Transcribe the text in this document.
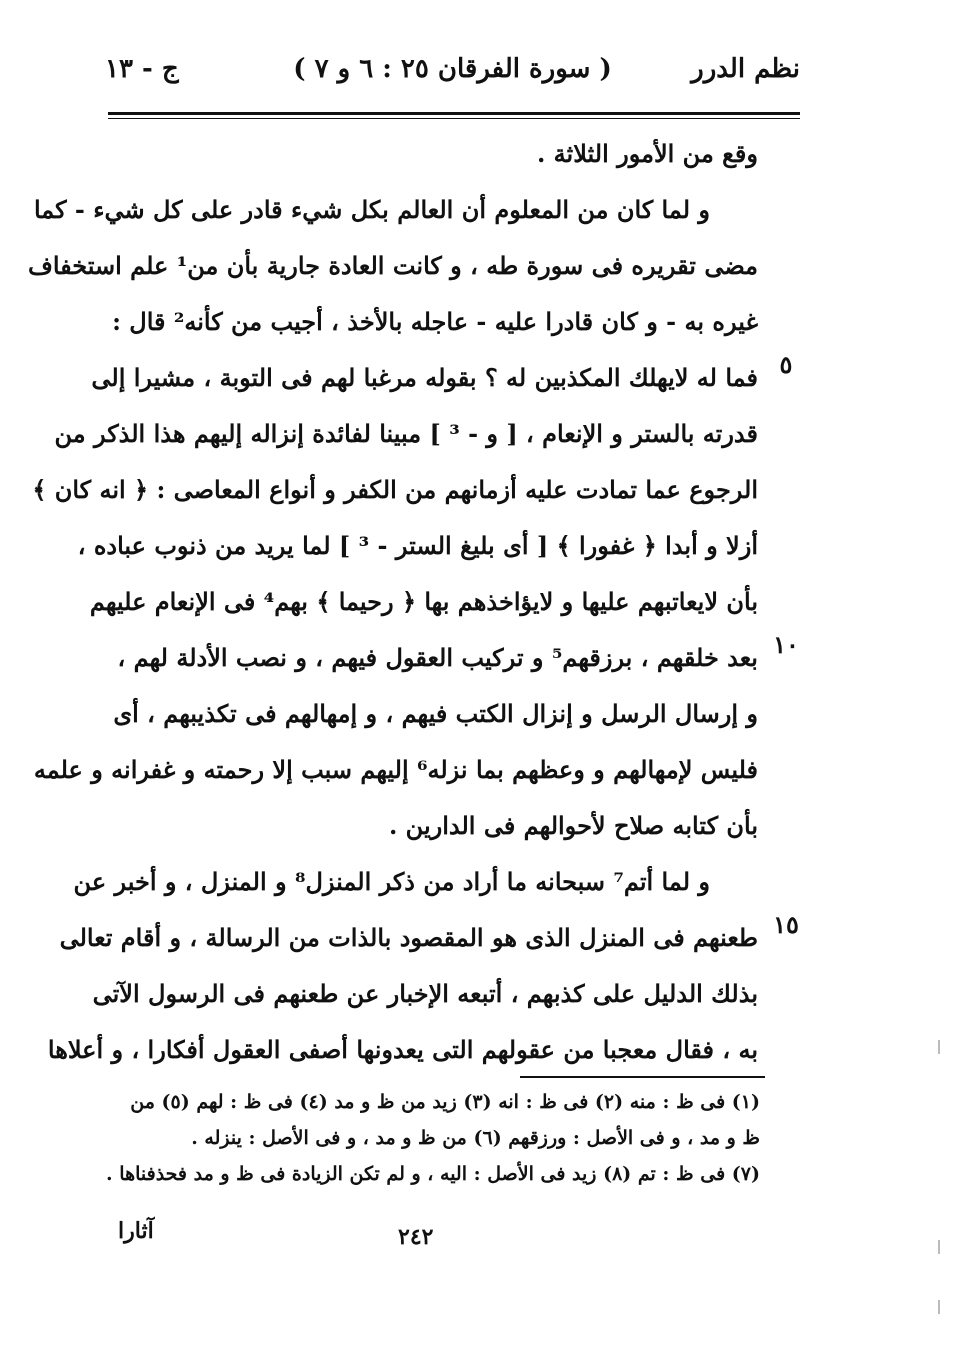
نظم الدرر
( سورة الفرقان ٢٥ : ٦ و ٧ )
ج - ١٣
وقع من الأمور الثلاثة .
و لما كان من المعلوم أن العالم بكل شيء قادر على كل شيء - كما
مضى تقريره فى سورة طه ، و كانت العادة جارية بأن من¹ علم استخفاف
غيره به - و كان قادرا عليه - عاجله بالأخذ ، أجيب من كأنه² قال :
فما له لايهلك المكذبين له ؟ بقوله مرغبا لهم فى التوبة ، مشيرا إلى
قدرته بالستر و الإنعام ، [ و - ³ ] مبينا لفائدة إنزاله إليهم هذا الذكر من
الرجوع عما تمادت عليه أزمانهم من الكفر و أنواع المعاصى : ﴿ انه كان ﴾
أزلا و أبدا ﴿ غفورا ﴾ [ أى بليغ الستر - ³ ] لما يريد من ذنوب عباده ،
بأن لايعاتبهم عليها و لايؤاخذهم بها ﴿ رحيما ﴾ بهم⁴ فى الإنعام عليهم
بعد خلقهم ، برزقهم⁵ و تركيب العقول فيهم ، و نصب الأدلة لهم ،
و إرسال الرسل و إنزال الكتب فيهم ، و إمهالهم فى تكذيبهم ، أى
فليس لإمهالهم و وعظهم بما نزله⁶ إليهم سبب إلا رحمته و غفرانه و علمه
بأن كتابه صلاح لأحوالهم فى الدارين .
و لما أتم⁷ سبحانه ما أراد من ذكر المنزل⁸ و المنزل ، و أخبر عن
طعنهم فى المنزل الذى هو المقصود بالذات من الرسالة ، و أقام تعالى
بذلك الدليل على كذبهم ، أتبعه الإخبار عن طعنهم فى الرسول الآتى
به ، فقال معجبا من عقولهم التى يعدونها أصفى العقول أفكارا ، و أعلاها
٥
١٠
١٥
(١) فى ظ : منه (٢) فى ظ : انه (٣) زيد من ظ و مد (٤) فى ظ : لهم (٥) من
ظ و مد ، و فى الأصل : ورزقهم (٦) من ظ و مد ، و فى الأصل : ينزله .
(٧) فى ظ : تم (٨) زيد فى الأصل : اليه ، و لم تكن الزيادة فى ظ و مد فحذفناها .
آثارا	٢٤٢
